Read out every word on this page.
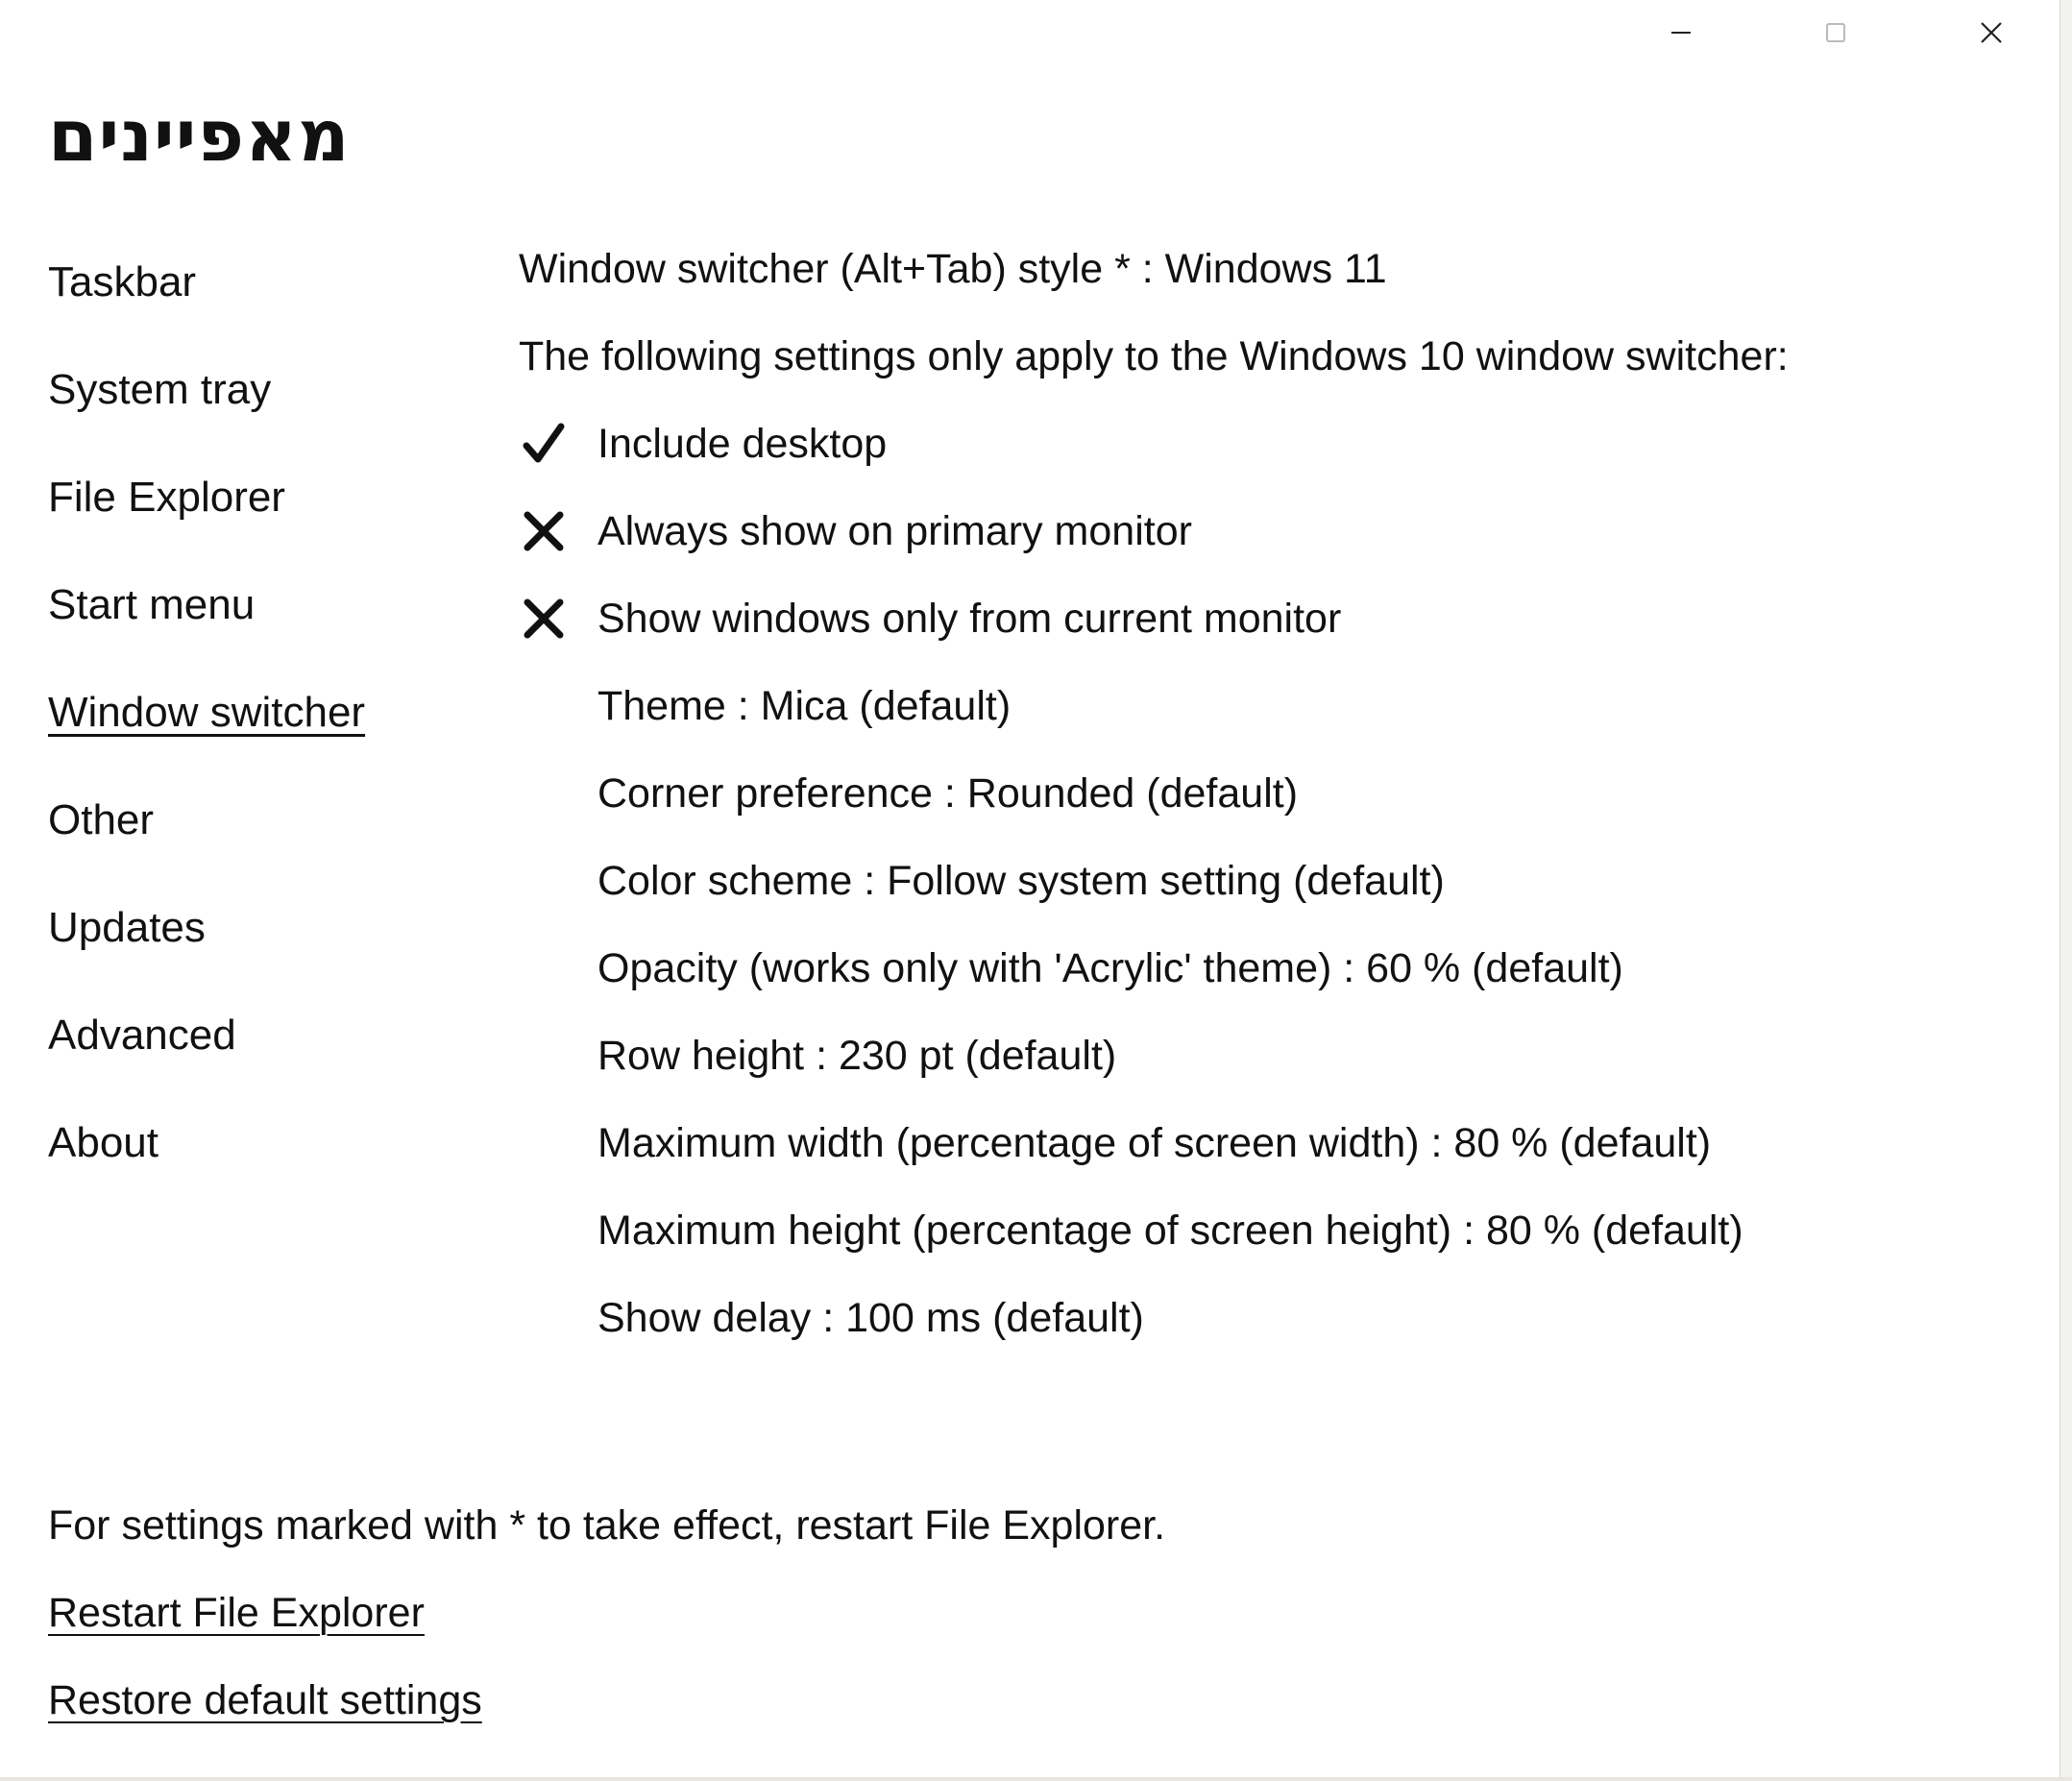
מאפיינים
Taskbar
System tray
File Explorer
Start menu
Window switcher
Other
Updates
Advanced
About
Window switcher (Alt+Tab) style * : Windows 11
The following settings only apply to the Windows 10 window switcher:
Include desktop
Always show on primary monitor
Show windows only from current monitor
Theme : Mica (default)
Corner preference : Rounded (default)
Color scheme : Follow system setting (default)
Opacity (works only with 'Acrylic' theme) : 60 % (default)
Row height : 230 pt (default)
Maximum width (percentage of screen width) : 80 % (default)
Maximum height (percentage of screen height) : 80 % (default)
Show delay : 100 ms (default)
For settings marked with * to take effect, restart File Explorer.
Restart File Explorer
Restore default settings
